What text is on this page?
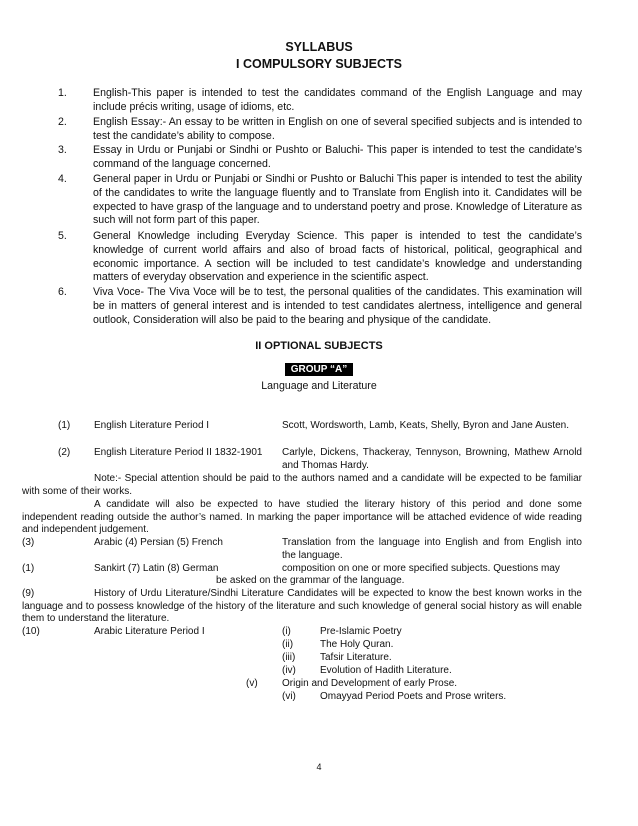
SYLLABUS
I COMPULSORY SUBJECTS
1. English-This paper is intended to test the candidates command of the English Language and may include précis writing, usage of idioms, etc.
2. English Essay:- An essay to be written in English on one of several specified subjects and is intended to test the candidate’s ability to compose.
3. Essay in Urdu or Punjabi or Sindhi or Pushto or Baluchi- This paper is intended to test the candidate’s command of the language concerned.
4. General paper in Urdu or Punjabi or Sindhi or Pushto or Baluchi This paper is intended to test the ability of the candidates to write the language fluently and to Translate from English into it. Candidates will be expected to have grasp of the language and to understand poetry and prose. Knowledge of Literature as such will not form part of this paper.
5. General Knowledge including Everyday Science. This paper is intended to test the candidate’s knowledge of current world affairs and also of broad facts of historical, political, geographical and economic importance. A section will be included to test candidate’s knowledge and understanding matters of everyday observation and experience in the scientific aspect.
6. Viva Voce- The Viva Voce will be to test, the personal qualities of the candidates. This examination will be in matters of general interest and is intended to test candidates alertness, intelligence and general outlook, Consideration will also be paid to the bearing and physique of the candidate.
II OPTIONAL SUBJECTS
GROUP “A”
Language and Literature
(1) English Literature Period I	Scott, Wordsworth, Lamb, Keats, Shelly, Byron and Jane Austen.
(2) English Literature Period II 1832-1901 Carlyle, Dickens, Thackeray, Tennyson, Browning, Mathew Arnold and Thomas Hardy.
Note:- Special attention should be paid to the authors named and a candidate will be expected to be familiar with some of their works.
A candidate will also be expected to have studied the literary history of this period and done some independent reading outside the author’s named. In marking the paper importance will be attached evidence of wide reading and independent judgement.
(3)	Arabic (4) Persian (5) French	Translation from the language into English and from English into the language.
(1)	Sankirt (7) Latin (8) German	composition on one or more specified subjects. Questions may
be asked on the grammar of the language.
(9)	History of Urdu Literature/Sindhi Literature Candidates will be expected to know the best known works in the language and to possess knowledge of the history of the literature and such knowledge of general social history as will enable them to understand the literature.
(10)	Arabic Literature Period I	(i)	Pre-Islamic Poetry
(ii)	The Holy Quran.
(iii) Tafsir Literature.
(iv) Evolution of Hadith Literature.
(v) Origin and Development of early Prose.
(vi) Omayyad Period Poets and Prose writers.
4
